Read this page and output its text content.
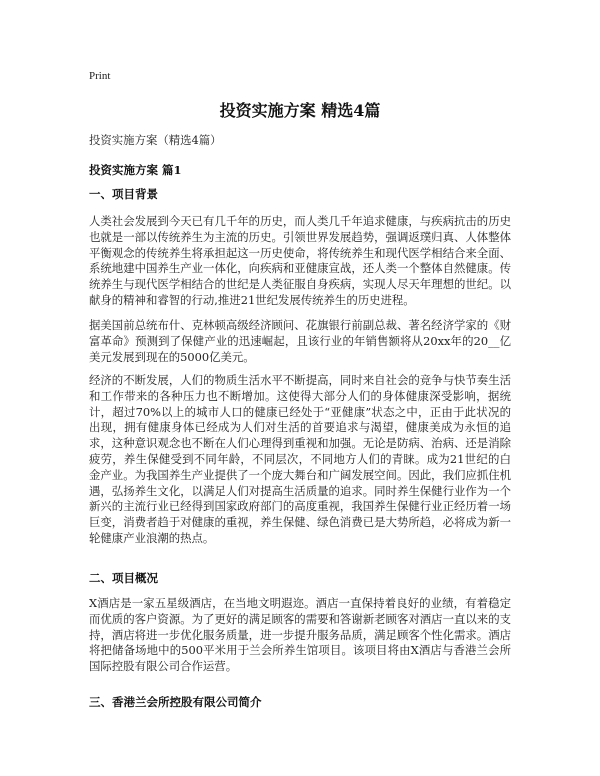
Print
投资实施方案 精选4篇
投资实施方案（精选4篇）
投资实施方案 篇1
一、项目背景
人类社会发展到今天已有几千年的历史，而人类几千年追求健康，与疾病抗击的历史也就是一部以传统养生为主流的历史。引领世界发展趋势，强调返璞归真、人体整体平衡观念的传统养生将承担起这一历史使命，将传统养生和现代医学相结合来全面、系统地建中国养生产业一体化，向疾病和亚健康宣战，还人类一个整体自然健康。传统养生与现代医学相结合的世纪是人类征服自身疾病，实现人尽天年理想的世纪。以献身的精神和睿智的行动,推进21世纪发展传统养生的历史进程。
据美国前总统布什、克林顿高级经济顾问、花旗银行前副总裁、著名经济学家的《财富革命》预测到了保健产业的迅速崛起，且该行业的年销售额将从20xx年的20__亿美元发展到现在的5000亿美元。
经济的不断发展，人们的物质生活水平不断提高，同时来自社会的竞争与快节奏生活和工作带来的各种压力也不断增加。这使得大部分人们的身体健康深受影响，据统计，超过70%以上的城市人口的健康已经处于“亚健康”状态之中，正由于此状况的出现，拥有健康身体已经成为人们对生活的首要追求与渴望，健康美成为永恒的追求，这种意识观念也不断在人们心理得到重视和加强。无论是防病、治病、还是消除疲劳，养生保健受到不同年龄，不同层次，不同地方人们的青睐。成为21世纪的白金产业。为我国养生产业提供了一个庞大舞台和广阔发展空间。因此，我们应抓住机遇，弘扬养生文化，以满足人们对提高生活质量的追求。同时养生保健行业作为一个新兴的主流行业已经得到国家政府部门的高度重视，我国养生保健行业正经历着一场巨变，消费者趋于对健康的重视，养生保健、绿色消费已是大势所趋，必将成为新一轮健康产业浪潮的热点。
二、项目概况
X酒店是一家五星级酒店，在当地文明遐迩。酒店一直保持着良好的业绩，有着稳定而优质的客户资源。为了更好的满足顾客的需要和答谢新老顾客对酒店一直以来的支持，酒店将进一步优化服务质量，进一步提升服务品质，满足顾客个性化需求。酒店将把储备场地中的500平米用于兰会所养生馆项目。该项目将由X酒店与香港兰会所国际控股有限公司合作运营。
三、香港兰会所控股有限公司简介
